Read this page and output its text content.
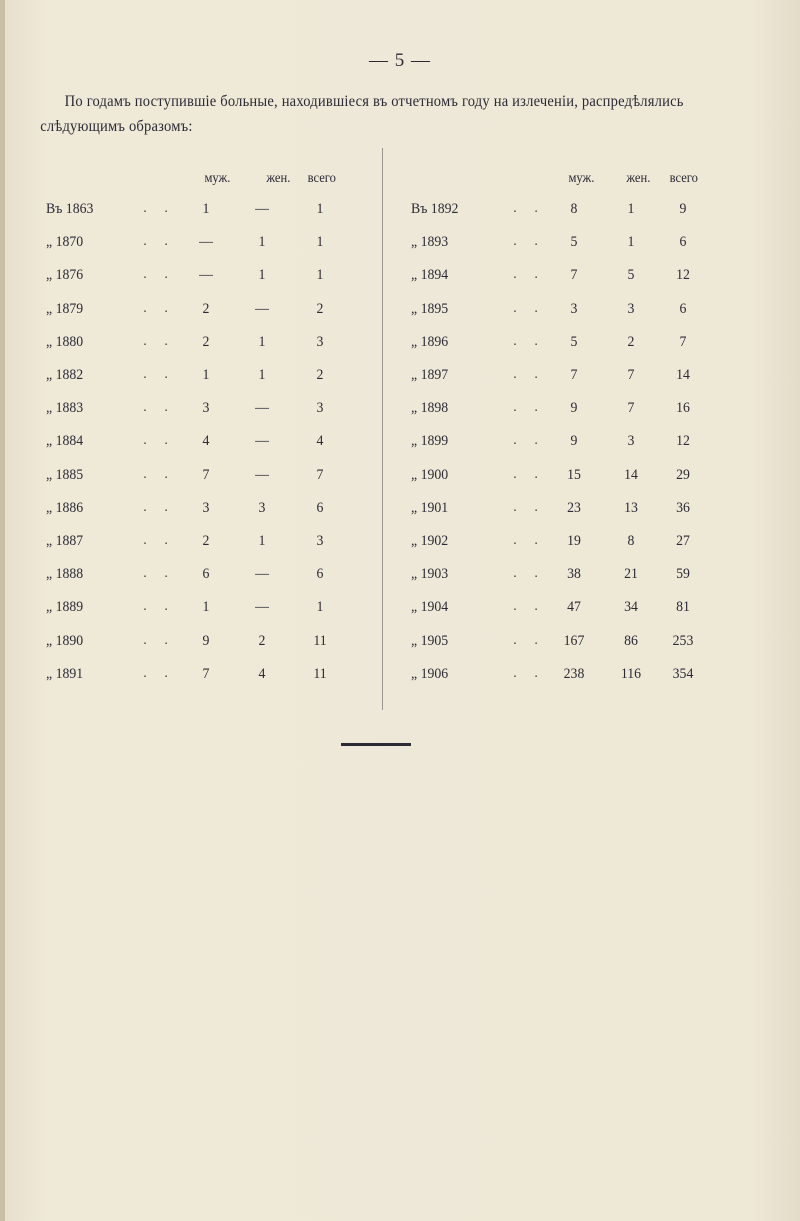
— 5 —

По годамъ поступившіе больные, находившіеся въ отчетномъ году на излеченіи, распредѣлялись

слѣдующимъ образомъ:

муж.	жен. всего	муж. жен. всего
Въ 1863	. .	1	—	1
„ 1870	. .	—	1	1
„ 1876	. .	—	1	1
„ 1879	. .	2	—	2
„ 1880	. .	2	1	3
„ 1882	. .	1	1	2
„ 1883	. .	3	—	3
„ 1884	. .	4	—	4
„ 1885	. .	7	—	7
„ 1886	. .	3	3	6
„ 1887	. .	2	1	3
„ 1888	. .	6	—	6
„ 1889	. .	1	—	1
„ 1890	. .	9	2	11
„ 1891	. .	7	4	11
Въ 1892	. .	8	1	9
„ 1893	. .	5	1	6
„ 1894	. .	7	5	12
„ 1895	. .	3	3	6
„ 1896	. .	5	2	7
„ 1897	. .	7	7	14
„ 1898	. .	9	7	16
„ 1899	. .	9	3	12
„ 1900	. .	15	14	29
„ 1901	. .	23	13	36
„ 1902	. .	19	8	27
„ 1903	. .	38	21	59
„ 1904	. .	47	34	81
„ 1905	. .	167	86	253
„ 1906	. .	238	116	354
